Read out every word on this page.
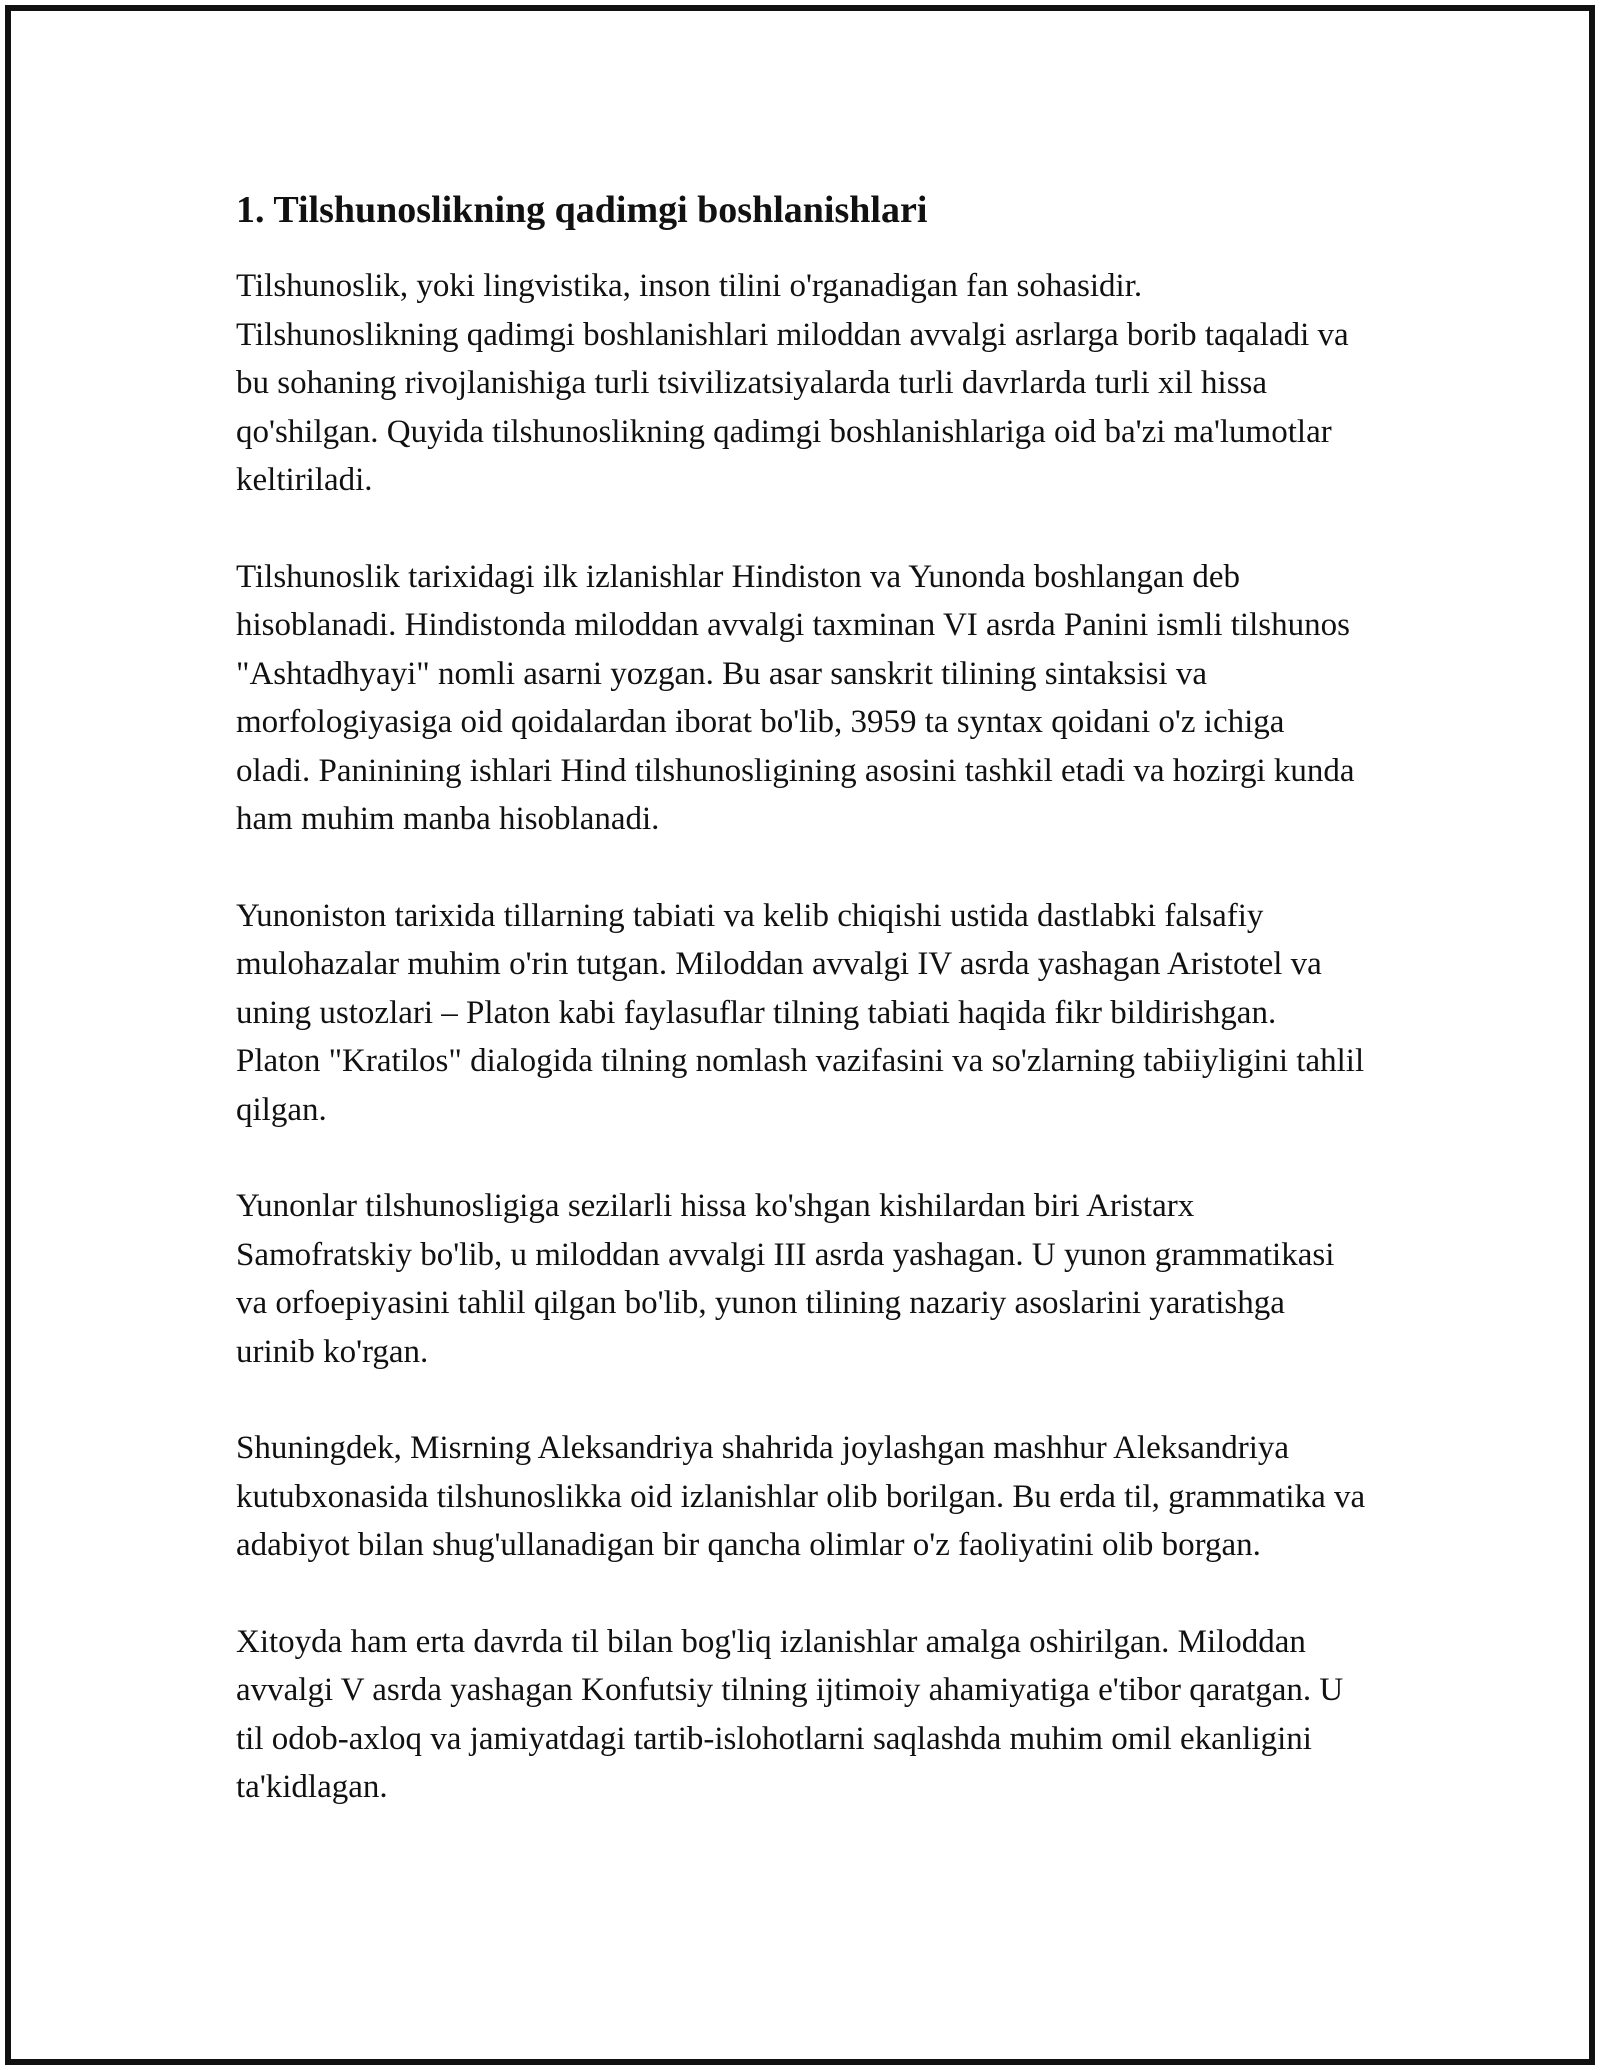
1. Tilshunoslikning qadimgi boshlanishlari

Tilshunoslik, yoki lingvistika, inson tilini o'rganadigan fan sohasidir. Tilshunoslikning qadimgi boshlanishlari miloddan avvalgi asrlarga borib taqaladi va bu sohaning rivojlanishiga turli tsivilizatsiyalarda turli davrlarda turli xil hissa qo'shilgan. Quyida tilshunoslikning qadimgi boshlanishlariga oid ba'zi ma'lumotlar keltiriladi.

Tilshunoslik tarixidagi ilk izlanishlar Hindiston va Yunonda boshlangan deb hisoblanadi. Hindistonda miloddan avvalgi taxminan VI asrda Panini ismli tilshunos "Ashtadhyayi" nomli asarni yozgan. Bu asar sanskrit tilining sintaksisi va morfologiyasiga oid qoidalardan iborat bo'lib, 3959 ta syntax qoidani o'z ichiga oladi. Paninining ishlari Hind tilshunosligining asosini tashkil etadi va hozirgi kunda ham muhim manba hisoblanadi.

Yunoniston tarixida tillarning tabiati va kelib chiqishi ustida dastlabki falsafiy mulohazalar muhim o'rin tutgan. Miloddan avvalgi IV asrda yashagan Aristotel va uning ustozlari – Platon kabi faylasuflar tilning tabiati haqida fikr bildirishgan. Platon "Kratilos" dialogida tilning nomlash vazifasini va so'zlarning tabiiyligini tahlil qilgan.

Yunonlar tilshunosligiga sezilarli hissa ko'shgan kishilardan biri Aristarx Samofratskiy bo'lib, u miloddan avvalgi III asrda yashagan. U yunon grammatikasi va orfoepiyasini tahlil qilgan bo'lib, yunon tilining nazariy asoslarini yaratishga urinib ko'rgan.

Shuningdek, Misrning Aleksandriya shahrida joylashgan mashhur Aleksandriya kutubxonasida tilshunoslikka oid izlanishlar olib borilgan. Bu erda til, grammatika va adabiyot bilan shug'ullanadigan bir qancha olimlar o'z faoliyatini olib borgan.

Xitoyda ham erta davrda til bilan bog'liq izlanishlar amalga oshirilgan. Miloddan avvalgi V asrda yashagan Konfutsiy tilning ijtimoiy ahamiyatiga e'tibor qaratgan. U til odob-axloq va jamiyatdagi tartib-islohotlarni saqlashda muhim omil ekanligini ta'kidlagan.
